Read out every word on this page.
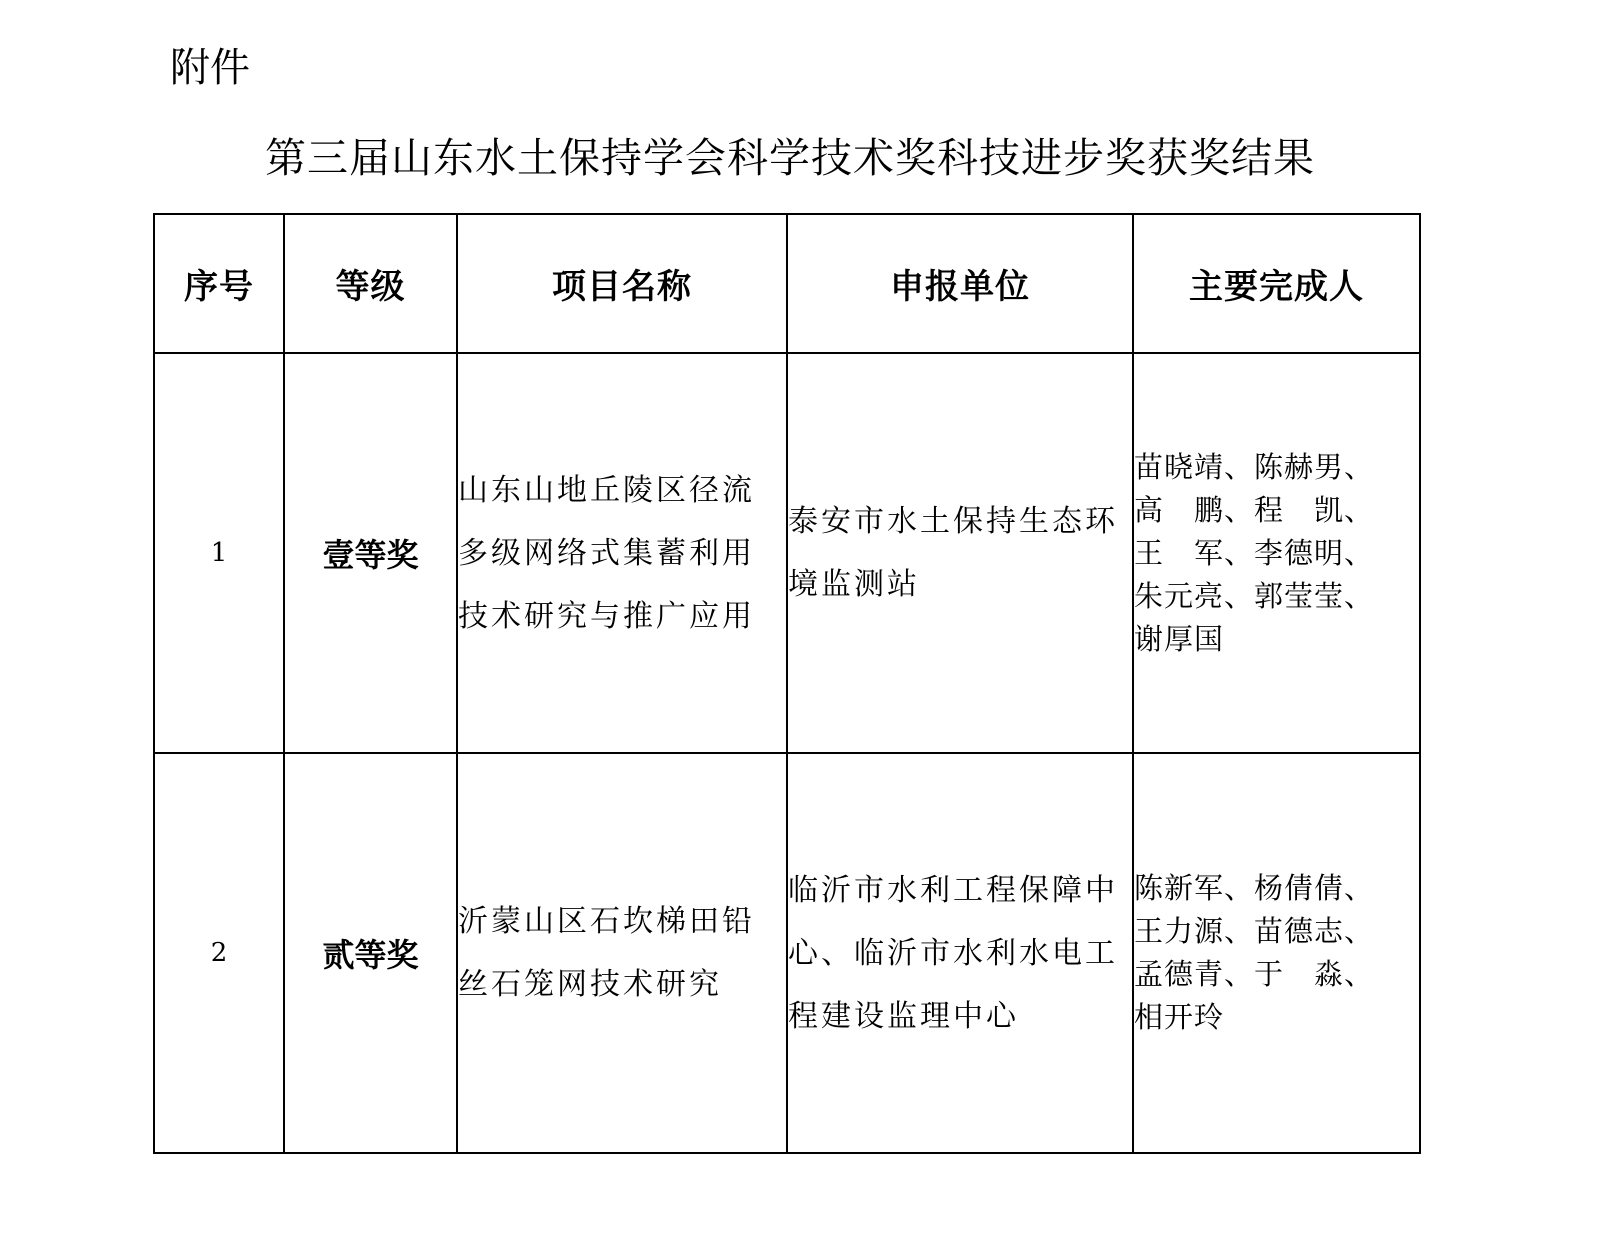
附件
第三届山东水土保持学会科学技术奖科技进步奖获奖结果
序号	等级	项目名称	申报单位	主要完成人
1	壹等奖	山东山地丘陵区径流多级网络式集蓄利用技术研究与推广应用	泰安市水土保持生态环境监测站	苗晓靖、陈赫男、
高　鹏、程　凯、
王　军、李德明、
朱元亮、郭莹莹、
谢厚国

2	贰等奖	沂蒙山区石坎梯田铅丝石笼网技术研究	临沂市水利工程保障中心、临沂市水利水电工程建设监理中心	陈新军、杨倩倩、
王力源、苗德志、
孟德青、于　淼、
相开玲
